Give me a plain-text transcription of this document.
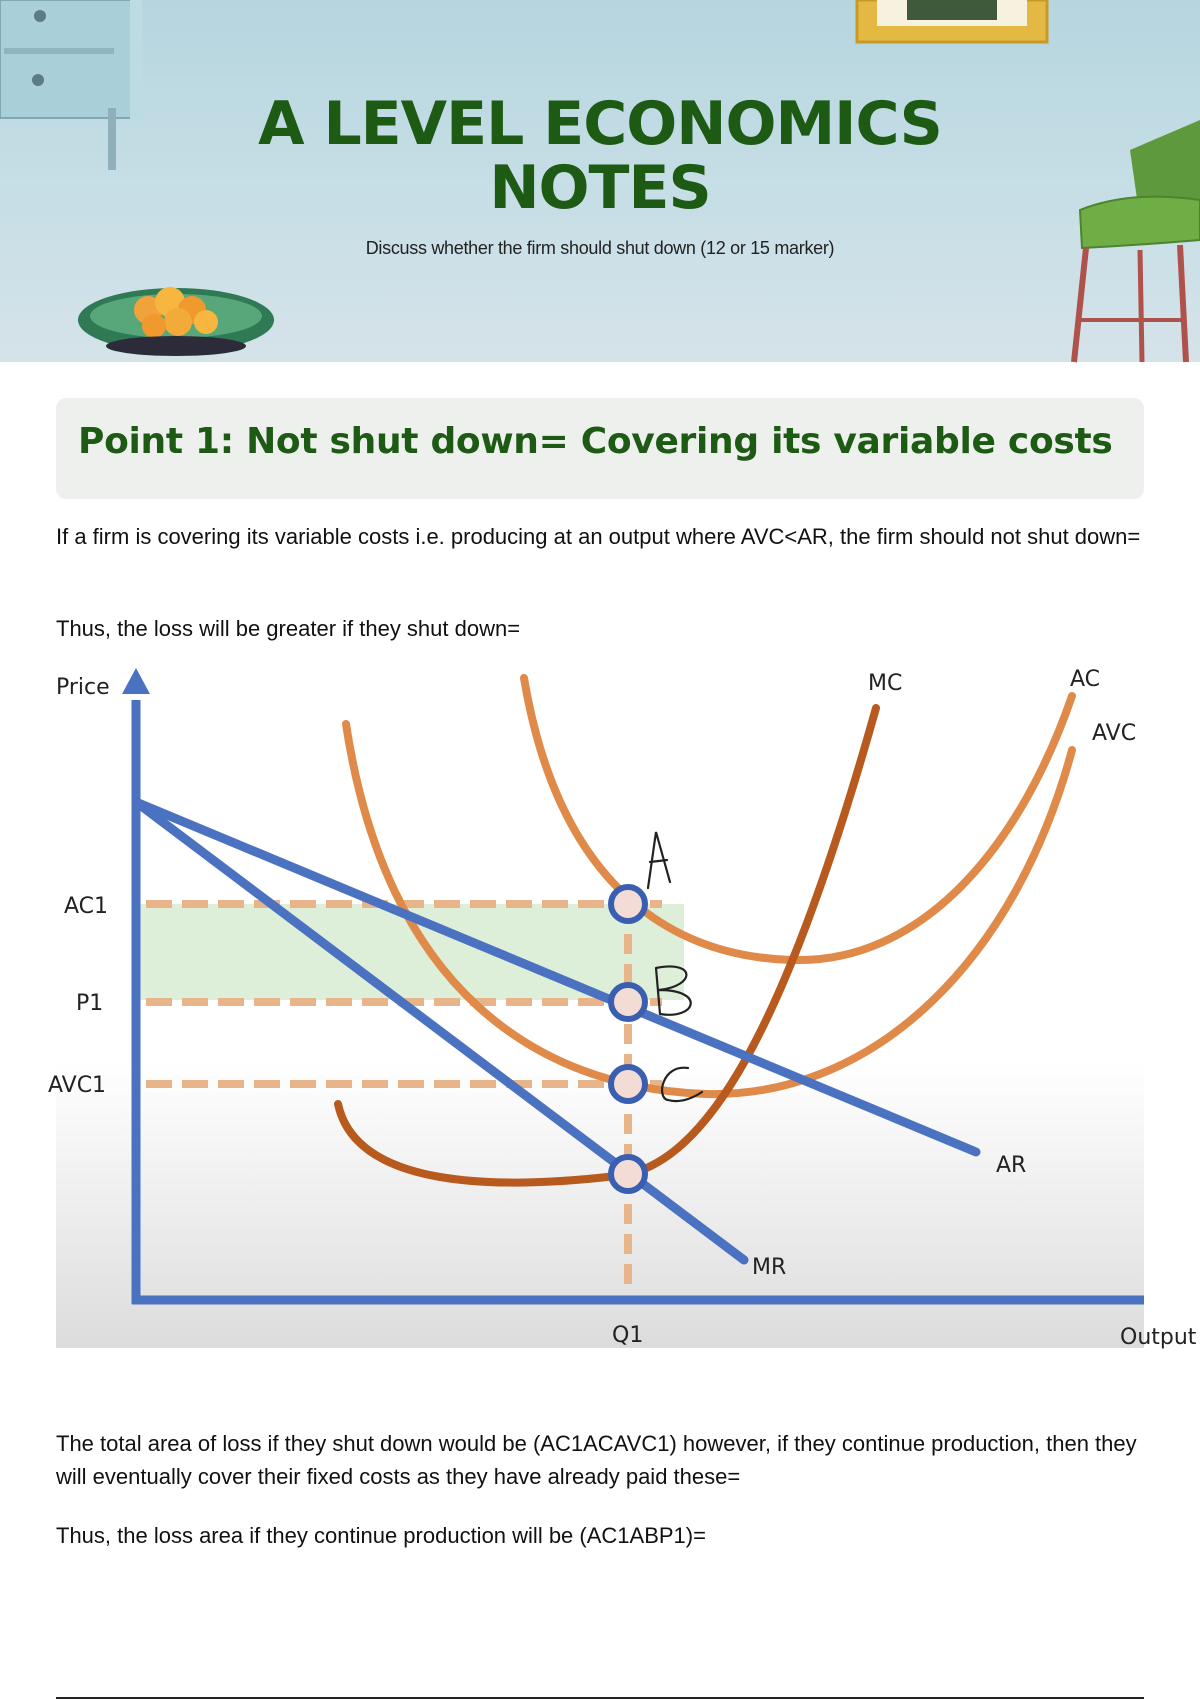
A LEVEL ECONOMICS
NOTES

Discuss whether the firm should shut down (12 or 15 marker)

Point 1: Not shut down= Covering its variable costs

If a firm is covering its variable costs i.e. producing at an output where AVC<AR, the firm should not shut down=

Thus, the loss will be greater if they shut down=

Price
Output
AC1
P1
AVC1
Q1
MC	AC
AVC
AR
MR

The total area of loss if they shut down would be (AC1ACAVC1) however, if they continue production, then they will eventually cover their fixed costs as they have already paid these=

Thus, the loss area if they continue production will be (AC1ABP1)=
